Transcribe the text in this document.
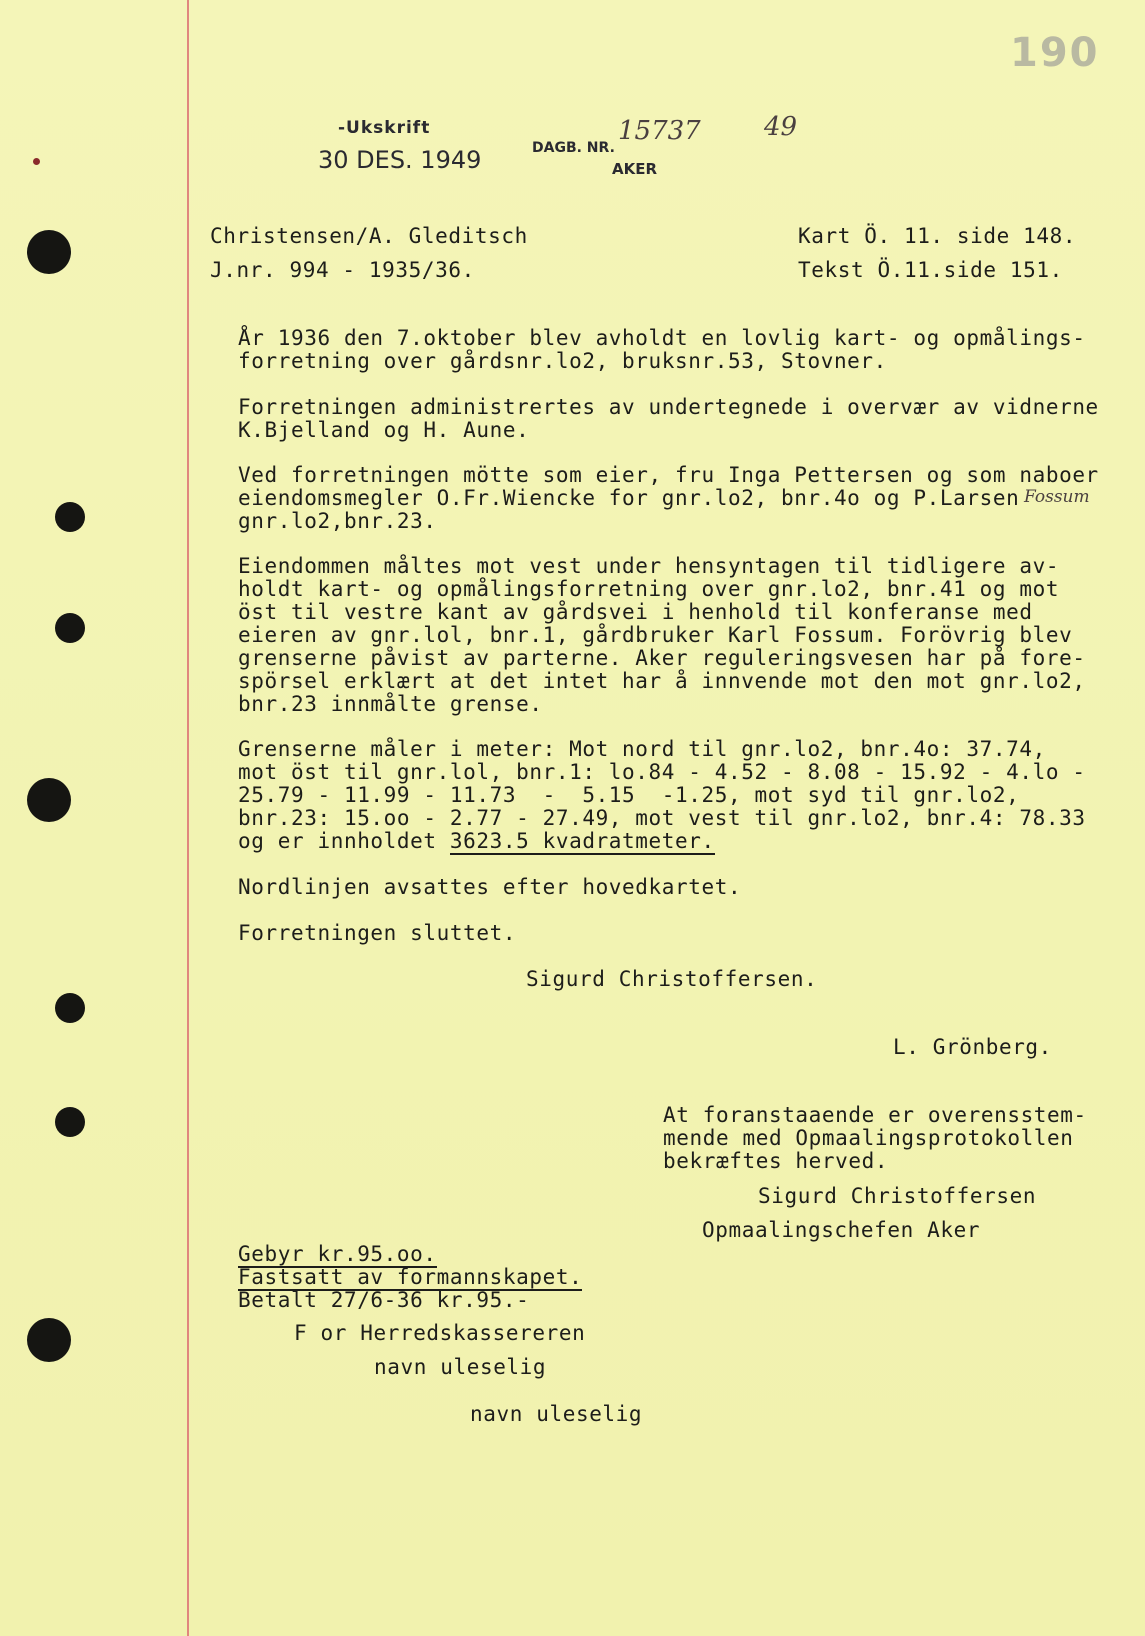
190
-Ukskrift
30 DES. 1949	DAGB. NR.
15737 49
AKER
Christensen/A. Gleditsch
J.nr. 994 - 1935/36.
Kart Ö. 11. side 148.
Tekst Ö.11.side 151.
År 1936 den 7.oktober blev avholdt en lovlig kart- og opmålings-
forretning over gårdsnr.lo2, bruksnr.53, Stovner.
Forretningen administrertes av undertegnede i overvær av vidnerne
K.Bjelland og H. Aune.
Ved forretningen mötte som eier, fru Inga Pettersen og som naboer
eiendomsmegler O.Fr.Wiencke for gnr.lo2, bnr.4o og P.Larsen Fossum
gnr.lo2,bnr.23.
Eiendommen måltes mot vest under hensyntagen til tidligere av-
holdt kart- og opmålingsforretning over gnr.lo2, bnr.41 og mot
öst til vestre kant av gårdsvei i henhold til konferanse med
eieren av gnr.lol, bnr.1, gårdbruker Karl Fossum. Forövrig blev
grenserne påvist av parterne. Aker reguleringsvesen har på fore-
spörsel erklært at det intet har å innvende mot den mot gnr.lo2,
bnr.23 innmålte grense.
Grenserne måler i meter: Mot nord til gnr.lo2, bnr.4o: 37.74,
mot öst til gnr.lol, bnr.1: lo.84 - 4.52 - 8.08 - 15.92 - 4.lo -
25.79 - 11.99 - 11.73  -  5.15  -1.25, mot syd til gnr.lo2,
bnr.23: 15.oo - 2.77 - 27.49, mot vest til gnr.lo2, bnr.4: 78.33
og er innholdet 3623.5 kvadratmeter.
Nordlinjen avsattes efter hovedkartet.
Forretningen sluttet.
Sigurd Christoffersen.
L. Grönberg.
At foranstaaende er overensstem-
mende med Opmaalingsprotokollen
bekræftes herved.
Sigurd Christoffersen
Opmaalingschefen Aker
Gebyr kr.95.oo.
Fastsatt av formannskapet.
Betalt 27/6-36 kr.95.-
F or Herredskassereren
navn uleselig
navn uleselig
